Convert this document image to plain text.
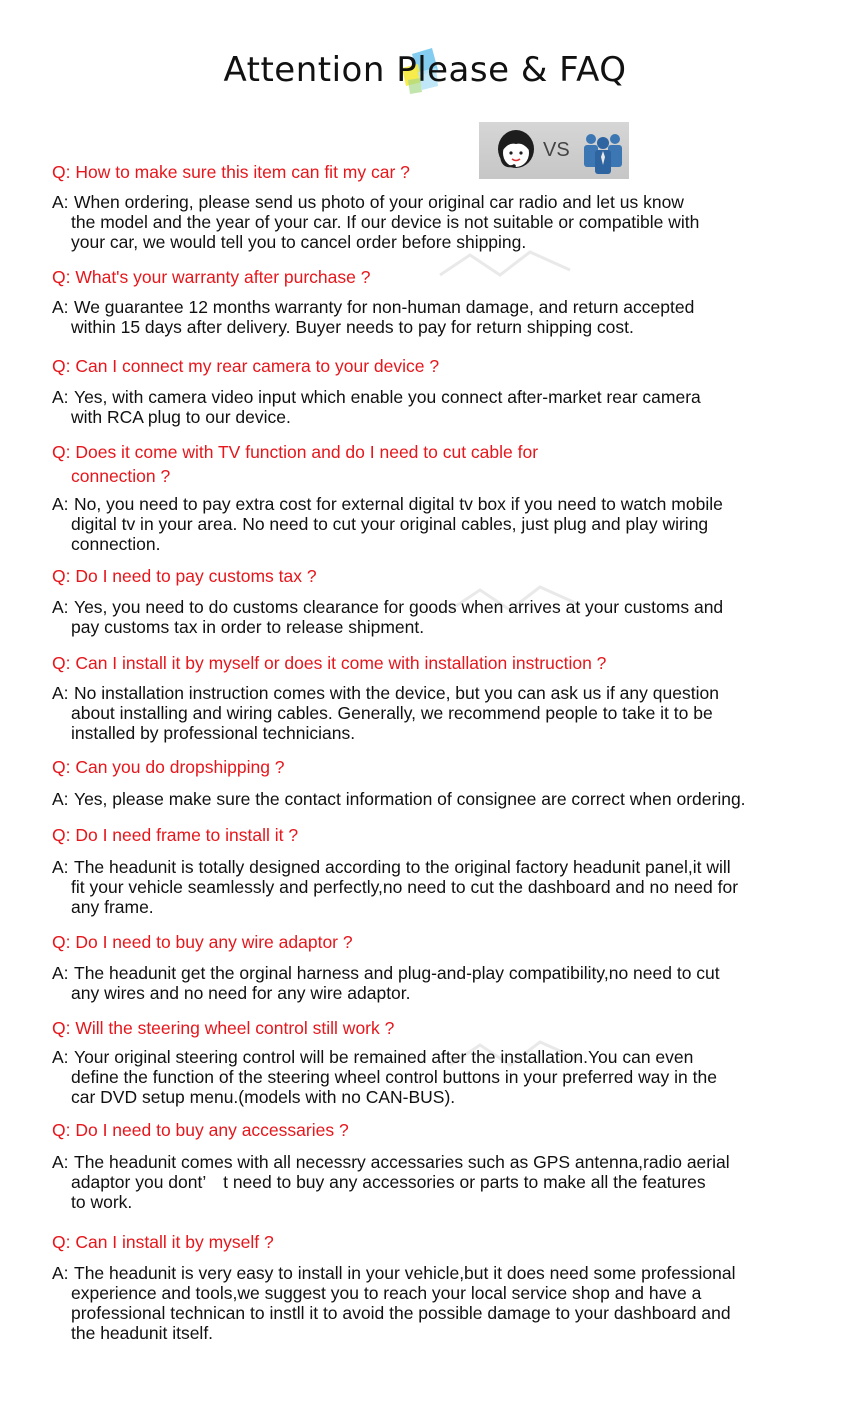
Attention Please & FAQ
VS
Q: How to make sure this item can fit my car ?
A: When ordering, please send us photo of your original car radio and let us know
the model and the year of your car. If our device is not suitable or compatible with
your car, we would tell you to cancel order before shipping.
Q: What's your warranty after purchase ?
A: We guarantee 12 months warranty for non-human damage, and return accepted
within 15 days after delivery. Buyer needs to pay for return shipping cost.
Q: Can I connect my rear camera to your device ?
A: Yes, with camera video input which enable you connect after-market rear camera
with RCA plug to our device.
Q: Does it come with TV function and do I need to cut cable for
connection ?
A: No, you need to pay extra cost for external digital tv box if you need to watch mobile
digital tv in your area. No need to cut your original cables, just plug and play wiring
connection.
Q: Do I need to pay customs tax ?
A: Yes, you need to do customs clearance for goods when arrives at your customs and
pay customs tax in order to release shipment.
Q: Can I install it by myself or does it come with installation instruction ?
A: No installation instruction comes with the device, but you can ask us if any question
about installing and wiring cables. Generally, we recommend people to take it to be
installed by professional technicians.
Q: Can you do dropshipping ?
A: Yes, please make sure the contact information of consignee are correct when ordering.
Q: Do I need frame to install it ?
A: The headunit is totally designed according to the original factory headunit panel,it will
fit your vehicle seamlessly and perfectly,no need to cut the dashboard and no need for
any frame.
Q: Do I need to buy any wire adaptor ?
A: The headunit get the orginal harness and plug-and-play compatibility,no need to cut
any wires and no need for any wire adaptor.
Q: Will the steering wheel control still work ?
A: Your original steering control will be remained after the installation.You can even
define the function of the steering wheel control buttons in your preferred way in the
car DVD setup menu.(models with no CAN-BUS).
Q: Do I need to buy any accessaries ?
A: The headunit comes with all necessry accessaries such as GPS antenna,radio aerial
adaptor you dont’　t need to buy any accessories or parts to make all the features
to work.
Q: Can I install it by myself ?
A: The headunit is very easy to install in your vehicle,but it does need some professional
experience and tools,we suggest you to reach your local service shop and have a
professional technican to instll it to avoid the possible damage to your dashboard and
the headunit itself.
